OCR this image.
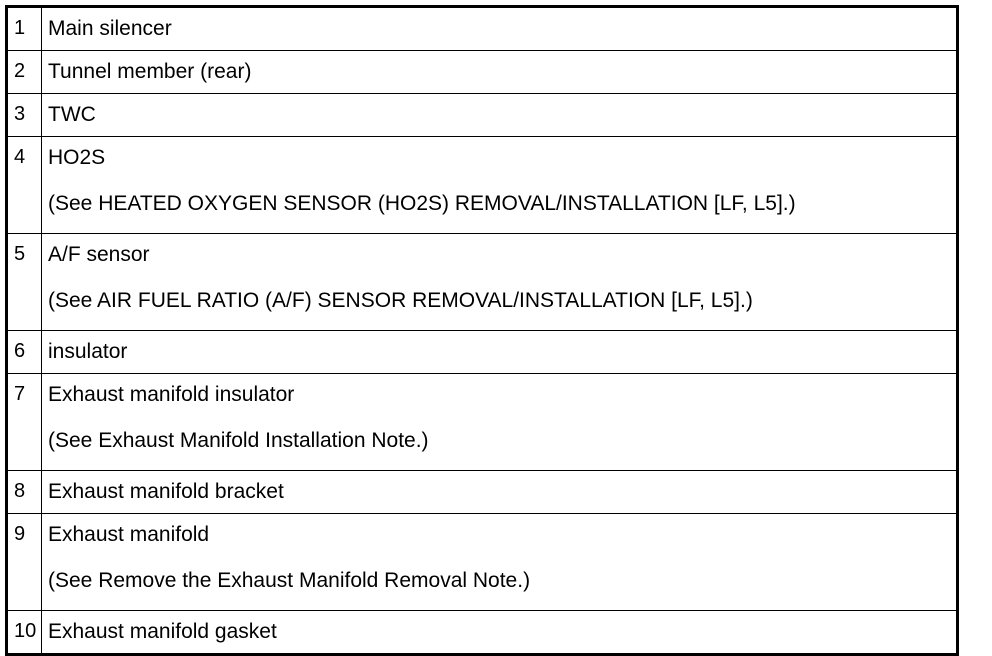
1	Main silencer

2	Tunnel member (rear)

3	TWC

4	HO2S
(See HEATED OXYGEN SENSOR (HO2S) REMOVAL/INSTALLATION [LF, L5].)

5	A/F sensor
(See AIR FUEL RATIO (A/F) SENSOR REMOVAL/INSTALLATION [LF, L5].)

6	insulator

7	Exhaust manifold insulator
(See Exhaust Manifold Installation Note.)

8	Exhaust manifold bracket

9	Exhaust manifold
(See Remove the Exhaust Manifold Removal Note.)

10	Exhaust manifold gasket
